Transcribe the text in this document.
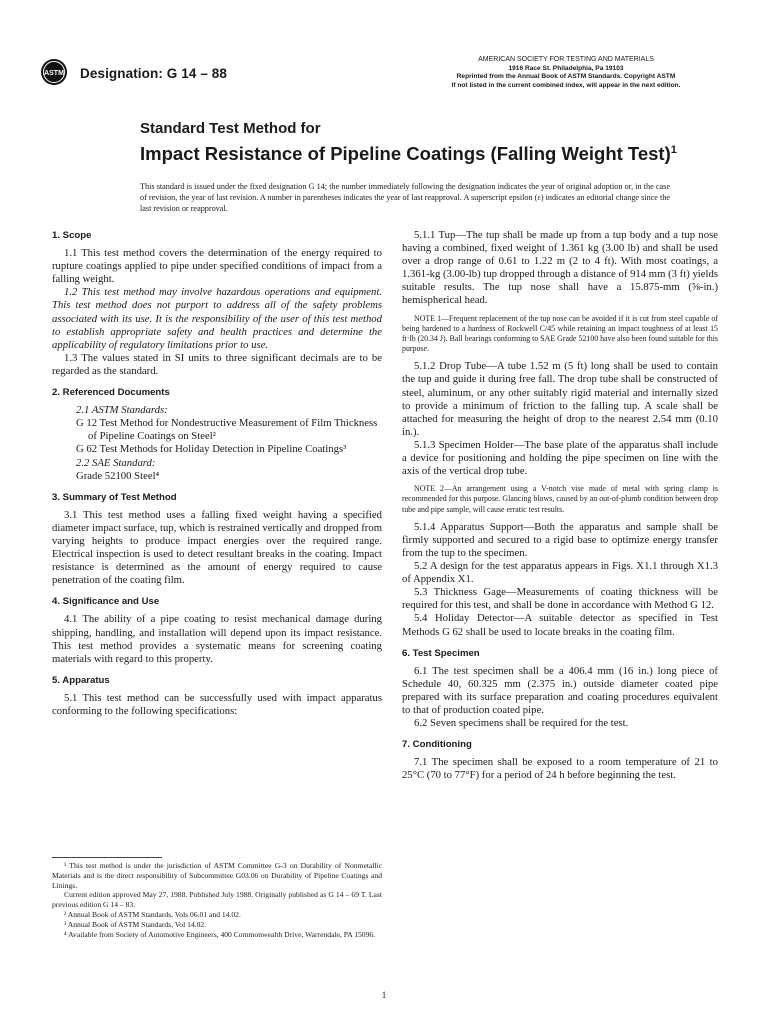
ASTM Designation: G 14 – 88
AMERICAN SOCIETY FOR TESTING AND MATERIALS
1916 Race St. Philadelphia, Pa 19103
Reprinted from the Annual Book of ASTM Standards. Copyright ASTM
If not listed in the current combined index, will appear in the next edition.
Standard Test Method for
Impact Resistance of Pipeline Coatings (Falling Weight Test)$^1$
This standard is issued under the fixed designation G 14; the number immediately following the designation indicates the year of original adoption or, in the case of revision, the year of last revision. A number in parentheses indicates the year of last reapproval. A superscript epsilon (ε) indicates an editorial change since the last revision or reapproval.
1. Scope

1.1 This test method covers the determination of the energy required to rupture coatings applied to pipe under specified conditions of impact from a falling weight.

1.2 This test method may involve hazardous operations and equipment. This test method does not purport to address all of the safety problems associated with its use. It is the responsibility of the user of this test method to establish appropriate safety and health practices and determine the applicability of regulatory limitations prior to use.

1.3 The values stated in SI units to three significant decimals are to be regarded as the standard.

2. Referenced Documents

2.1 ASTM Standards:

G 12 Test Method for Nondestructive Measurement of Film Thickness of Pipeline Coatings on Steel²

G 62 Test Methods for Holiday Detection in Pipeline Coatings³

2.2 SAE Standard:

Grade 52100 Steel⁴

3. Summary of Test Method

3.1 This test method uses a falling fixed weight having a specified diameter impact surface, tup, which is restrained vertically and dropped from varying heights to produce impact energies over the required range. Electrical inspection is used to detect resultant breaks in the coating. Impact resistance is determined as the amount of energy required to cause penetration of the coating film.

4. Significance and Use

4.1 The ability of a pipe coating to resist mechanical damage during shipping, handling, and installation will depend upon its impact resistance. This test method provides a systematic means for screening coating materials with regard to this property.

5. Apparatus

5.1 This test method can be successfully used with impact apparatus conforming to the following specifications:

¹ This test method is under the jurisdiction of ASTM Committee G-3 on Durability of Nonmetallic Materials and is the direct responsibility of Subcommittee G03.06 on Durability of Pipeline Coatings and Linings.

Current edition approved May 27, 1988. Published July 1988. Originally published as G 14 – 69 T. Last previous edition G 14 – 83.

² Annual Book of ASTM Standards, Vols 06.01 and 14.02.

³ Annual Book of ASTM Standards, Vol 14.02.

⁴ Available from Society of Automotive Engineers, 400 Commonwealth Drive, Warrendale, PA 15096.

5.1.1 Tup—The tup shall be made up from a tup body and a tup nose having a combined, fixed weight of 1.361 kg (3.00 lb) and shall be used over a drop range of 0.61 to 1.22 m (2 to 4 ft). With most coatings, a 1.361-kg (3.00-lb) tup dropped through a distance of 914 mm (3 ft) yields suitable results. The tup nose shall have a 15.875-mm (⅝-in.) hemispherical head.

NOTE 1—Frequent replacement of the tup nose can be avoided if it is cut from steel capable of being hardened to a hardness of Rockwell C/45 while retaining an impact toughness of at least 15 ft·lb (20.34 J). Ball bearings conforming to SAE Grade 52100 have also been found suitable for this purpose.

5.1.2 Drop Tube—A tube 1.52 m (5 ft) long shall be used to contain the tup and guide it during free fall. The drop tube shall be constructed of steel, aluminum, or any other suitably rigid material and internally sized to provide a minimum of friction to the falling tup. A scale shall be attached for measuring the height of drop to the nearest 2.54 mm (0.10 in.).

5.1.3 Specimen Holder—The base plate of the apparatus shall include a device for positioning and holding the pipe specimen on line with the axis of the vertical drop tube.

NOTE 2—An arrangement using a V-notch vise made of metal with spring clamp is recommended for this purpose. Glancing blows, caused by an out-of-plumb condition between drop tube and pipe sample, will cause erratic test results.

5.1.4 Apparatus Support—Both the apparatus and sample shall be firmly supported and secured to a rigid base to optimize energy transfer from the tup to the specimen.

5.2 A design for the test apparatus appears in Figs. X1.1 through X1.3 of Appendix X1.

5.3 Thickness Gage—Measurements of coating thickness will be required for this test, and shall be done in accordance with Method G 12.

5.4 Holiday Detector—A suitable detector as specified in Test Methods G 62 shall be used to locate breaks in the coating film.

6. Test Specimen

6.1 The test specimen shall be a 406.4 mm (16 in.) long piece of Schedule 40, 60.325 mm (2.375 in.) outside diameter coated pipe prepared with its surface preparation and coating procedures equivalent to that of production coated pipe.

6.2 Seven specimens shall be required for the test.

7. Conditioning

7.1 The specimen shall be exposed to a room temperature of 21 to 25°C (70 to 77°F) for a period of 24 h before beginning the test.

1
